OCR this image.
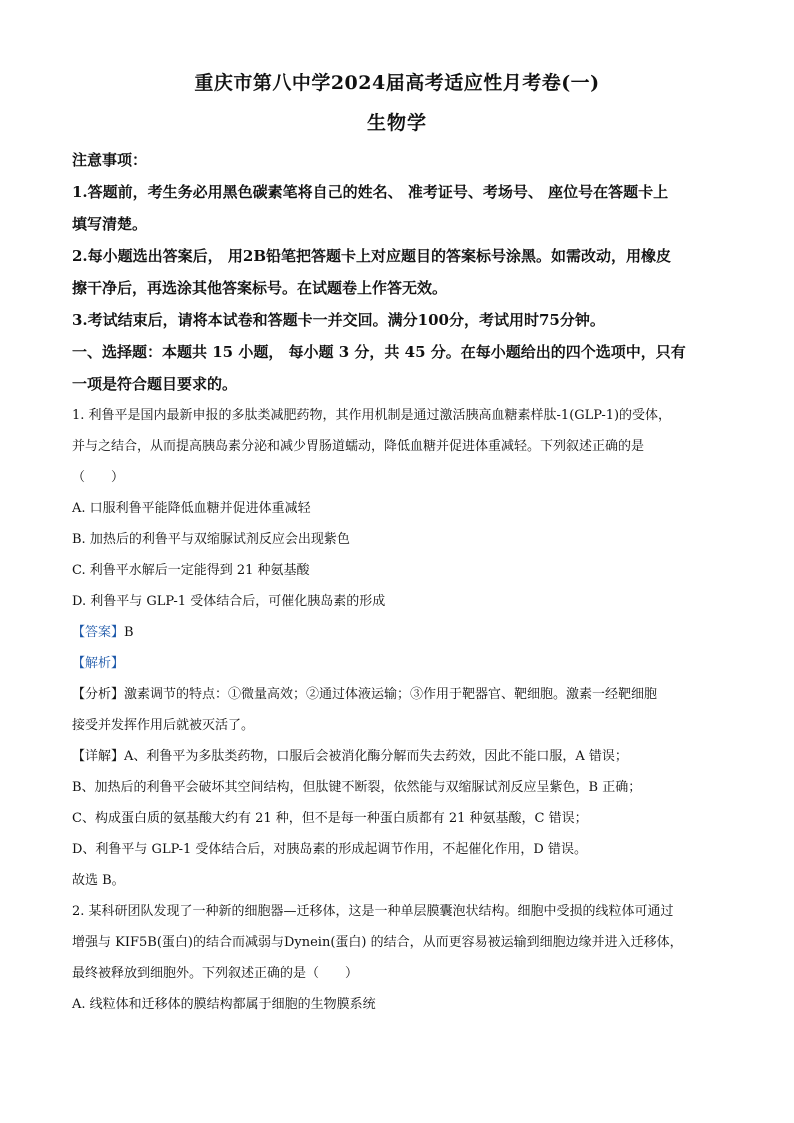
重庆市第八中学2024届高考适应性月考卷(一)

生物学

注意事项：

1.答题前，考生务必用黑色碳素笔将自己的姓名、 准考证号、考场号、 座位号在答题卡上

填写清楚。

2.每小题选出答案后， 用2B铅笔把答题卡上对应题目的答案标号涂黑。如需改动，用橡皮

擦干净后，再选涂其他答案标号。在试题卷上作答无效。

3.考试结束后，请将本试卷和答题卡一并交回。满分100分，考试用时75分钟。

一、选择题：本题共 15 小题， 每小题 3 分，共 45 分。在每小题给出的四个选项中，只有

一项是符合题目要求的。

1. 利鲁平是国内最新申报的多肽类减肥药物，其作用机制是通过激活胰高血糖素样肽-1(GLP-1)的受体，

并与之结合，从而提高胰岛素分泌和减少胃肠道蠕动，降低血糖并促进体重减轻。下列叙述正确的是

（　　）

A. 口服利鲁平能降低血糖并促进体重减轻

B. 加热后的利鲁平与双缩脲试剂反应会出现紫色

C. 利鲁平水解后一定能得到 21 种氨基酸

D. 利鲁平与 GLP-1 受体结合后，可催化胰岛素的形成

【答案】B

【解析】

【分析】激素调节的特点：①微量高效；②通过体液运输；③作用于靶器官、靶细胞。激素一经靶细胞

接受并发挥作用后就被灭活了。

【详解】A、利鲁平为多肽类药物，口服后会被消化酶分解而失去药效，因此不能口服，A 错误；

B、加热后的利鲁平会破坏其空间结构，但肽键不断裂，依然能与双缩脲试剂反应呈紫色，B 正确；

C、构成蛋白质的氨基酸大约有 21 种，但不是每一种蛋白质都有 21 种氨基酸，C 错误；

D、利鲁平与 GLP-1 受体结合后，对胰岛素的形成起调节作用，不起催化作用，D 错误。

故选 B。

2. 某科研团队发现了一种新的细胞器—迁移体，这是一种单层膜囊泡状结构。细胞中受损的线粒体可通过

增强与 KIF5B(蛋白)的结合而减弱与Dynein(蛋白) 的结合，从而更容易被运输到细胞边缘并进入迁移体，

最终被释放到细胞外。下列叙述正确的是（　　）

A. 线粒体和迁移体的膜结构都属于细胞的生物膜系统
